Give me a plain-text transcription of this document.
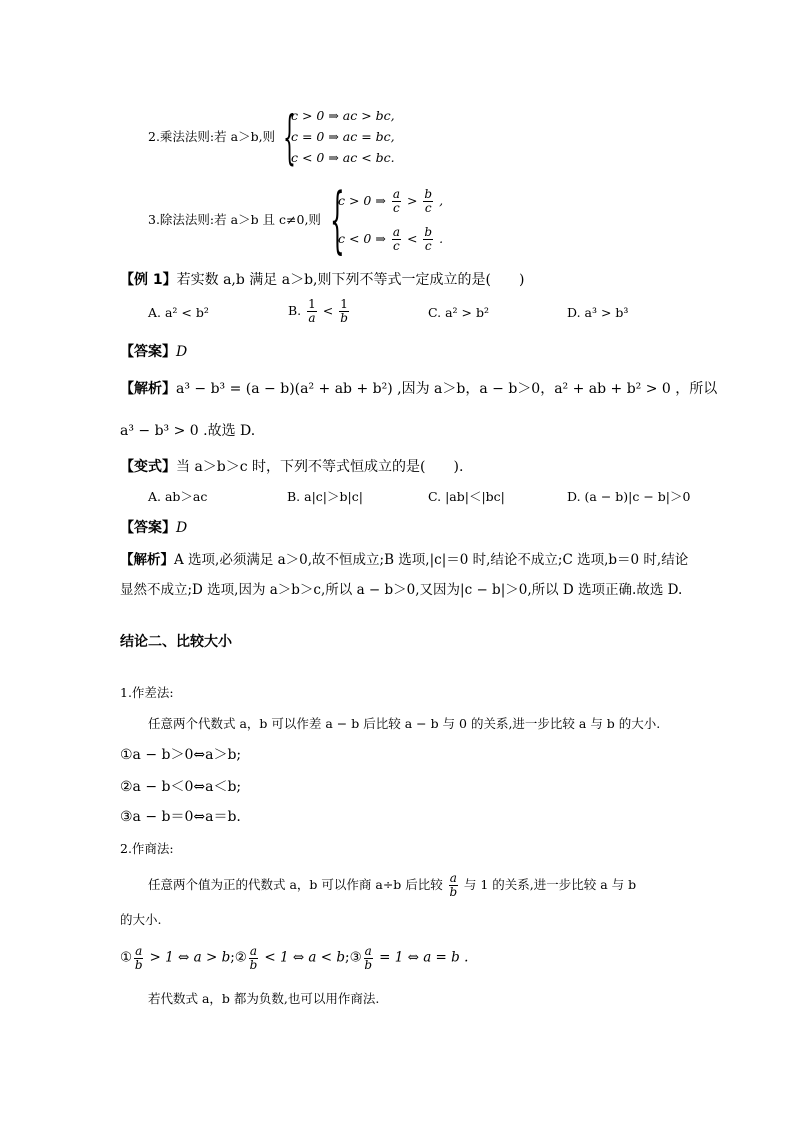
2.乘法法则:若 a＞b,则 {
c > 0 ⇒ ac > bc,
c = 0 ⇒ ac = bc,
c < 0 ⇒ ac < bc.
3.除法法则:若 a＞b 且 c≠0,则 {
c > 0 ⇒ $\frac{a}{c} > \frac{b}{c}$ ,
c < 0 ⇒ $\frac{a}{c} < \frac{b}{c}$ .
【例 1】若实数 a,b 满足 a＞b,则下列不等式一定成立的是(　　)
A. a² < b²	B. $\frac{1}{a} < \frac{1}{b}$	C. a² > b²	D. a³ > b³
【答案】D
【解析】a³ − b³ = (a − b)(a² + ab + b²) ,因为 a＞b，a − b＞0，a² + ab + b² > 0 ，所以
a³ − b³ > 0 .故选 D.
【变式】当 a＞b＞c 时，下列不等式恒成立的是(　　).
A. ab＞ac	B. a|c|＞b|c|	C. |ab|＜|bc|	D. (a − b)|c − b|＞0
【答案】D
【解析】A 选项,必须满足 a＞0,故不恒成立;B 选项,|c|＝0 时,结论不成立;C 选项,b＝0 时,结论
显然不成立;D 选项,因为 a＞b＞c,所以 a − b＞0,又因为|c − b|＞0,所以 D 选项正确.故选 D.
结论二、比较大小
1.作差法:
任意两个代数式 a，b 可以作差 a − b 后比较 a − b 与 0 的关系,进一步比较 a 与 b 的大小.
①a − b＞0⇔a＞b;
②a − b＜0⇔a＜b;
③a − b＝0⇔a＝b.
2.作商法:
任意两个值为正的代数式 a，b 可以作商 a÷b 后比较 $\frac{a}{b}$ 与 1 的关系,进一步比较 a 与 b
的大小.
① $\frac{a}{b} > 1$ ⇔ a > b;② $\frac{a}{b} < 1$ ⇔ a < b;③ $\frac{a}{b} = 1$ ⇔ a = b .
若代数式 a，b 都为负数,也可以用作商法.
